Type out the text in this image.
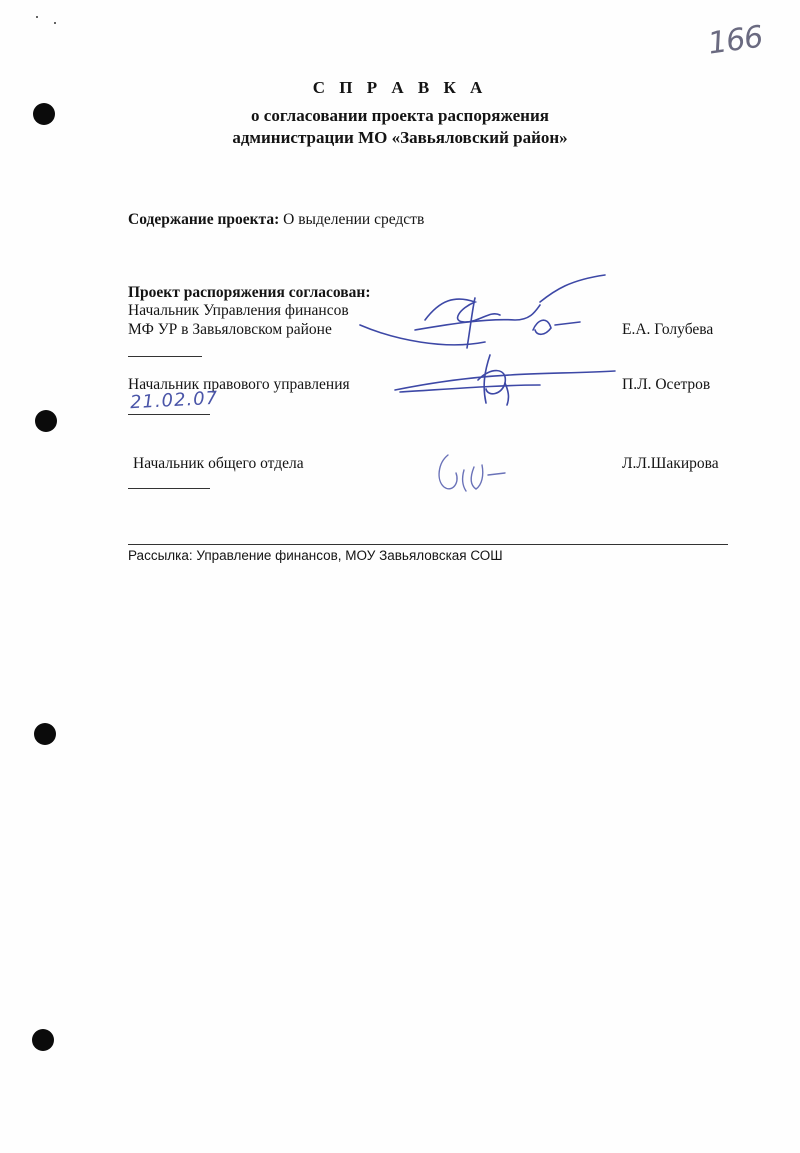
166
С П Р А В К А
о согласовании проекта распоряжения
администрации МО «Завьяловский район»
Содержание проекта: О выделении средств
Проект распоряжения согласован:
Начальник Управления финансов
МФ УР в Завьяловском районе	Е.А. Голубева
Начальник правового управления	П.Л. Осетров
21.02.07
Начальник общего отдела	Л.Л.Шакирова
Рассылка: Управление финансов, МОУ Завьяловская СОШ
